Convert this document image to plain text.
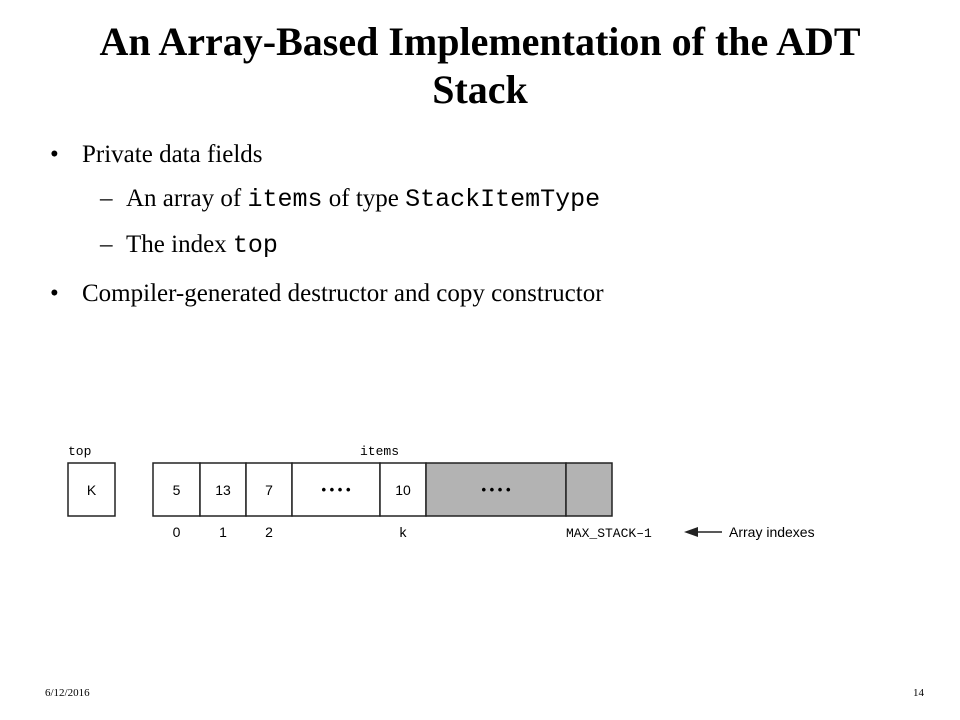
An Array-Based Implementation of the ADT
Stack
• Private data fields
– An array of items of type StackItemType
– The index top
• Compiler-generated destructor and copy constructor
top
K
items
5 13 7	• • • •	10	• • • •
0	1	2	k	MAX_STACK–1	Array indexes
6/12/2016	14
